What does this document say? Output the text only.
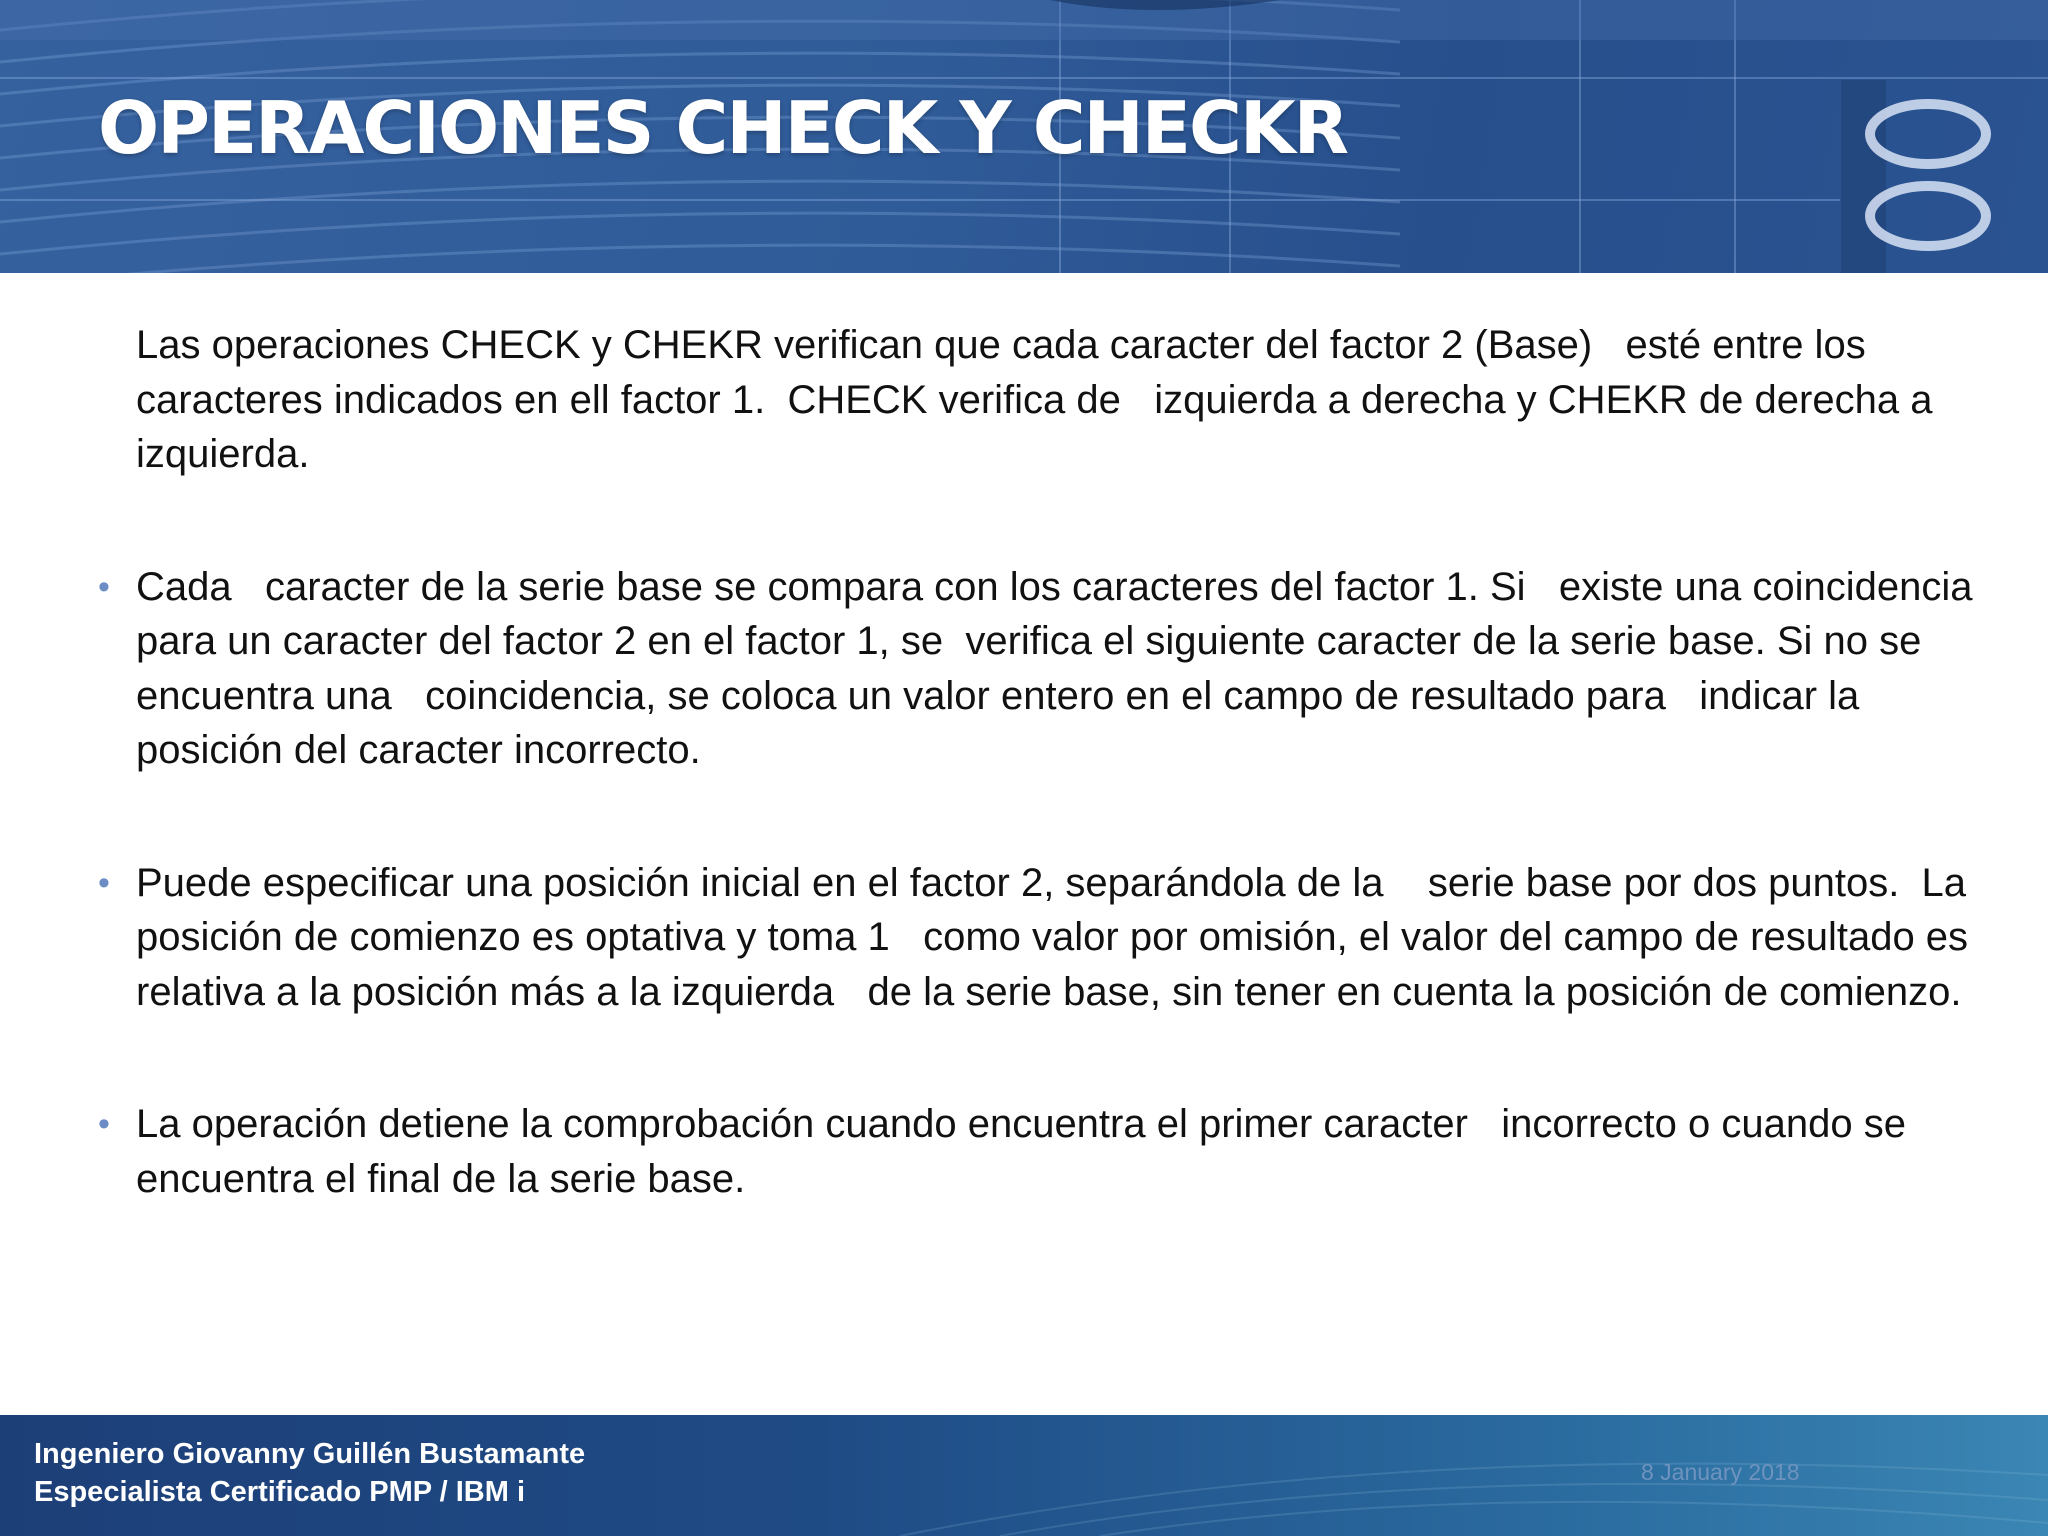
OPERACIONES CHECK Y CHECKR

Las operaciones CHECK y CHEKR verifican que cada caracter del factor 2 (Base)   esté entre los caracteres indicados en ell factor 1.  CHECK verifica de   izquierda a derecha y CHEKR de derecha a izquierda.

• Cada   caracter de la serie base se compara con los caracteres del factor 1. Si   existe una coincidencia para un caracter del factor 2 en el factor 1, se  verifica el siguiente caracter de la serie base. Si no se encuentra una   coincidencia, se coloca un valor entero en el campo de resultado para   indicar la posición del caracter incorrecto.

• Puede especificar una posición inicial en el factor 2, separándola de la    serie base por dos puntos.  La posición de comienzo es optativa y toma 1   como valor por omisión, el valor del campo de resultado es relativa a la posición más a la izquierda   de la serie base, sin tener en cuenta la posición de comienzo.

• La operación detiene la comprobación cuando encuentra el primer caracter   incorrecto o cuando se encuentra el final de la serie base.

Ingeniero Giovanny Guillén Bustamante
Especialista Certificado PMP / IBM i
8 January 2018
